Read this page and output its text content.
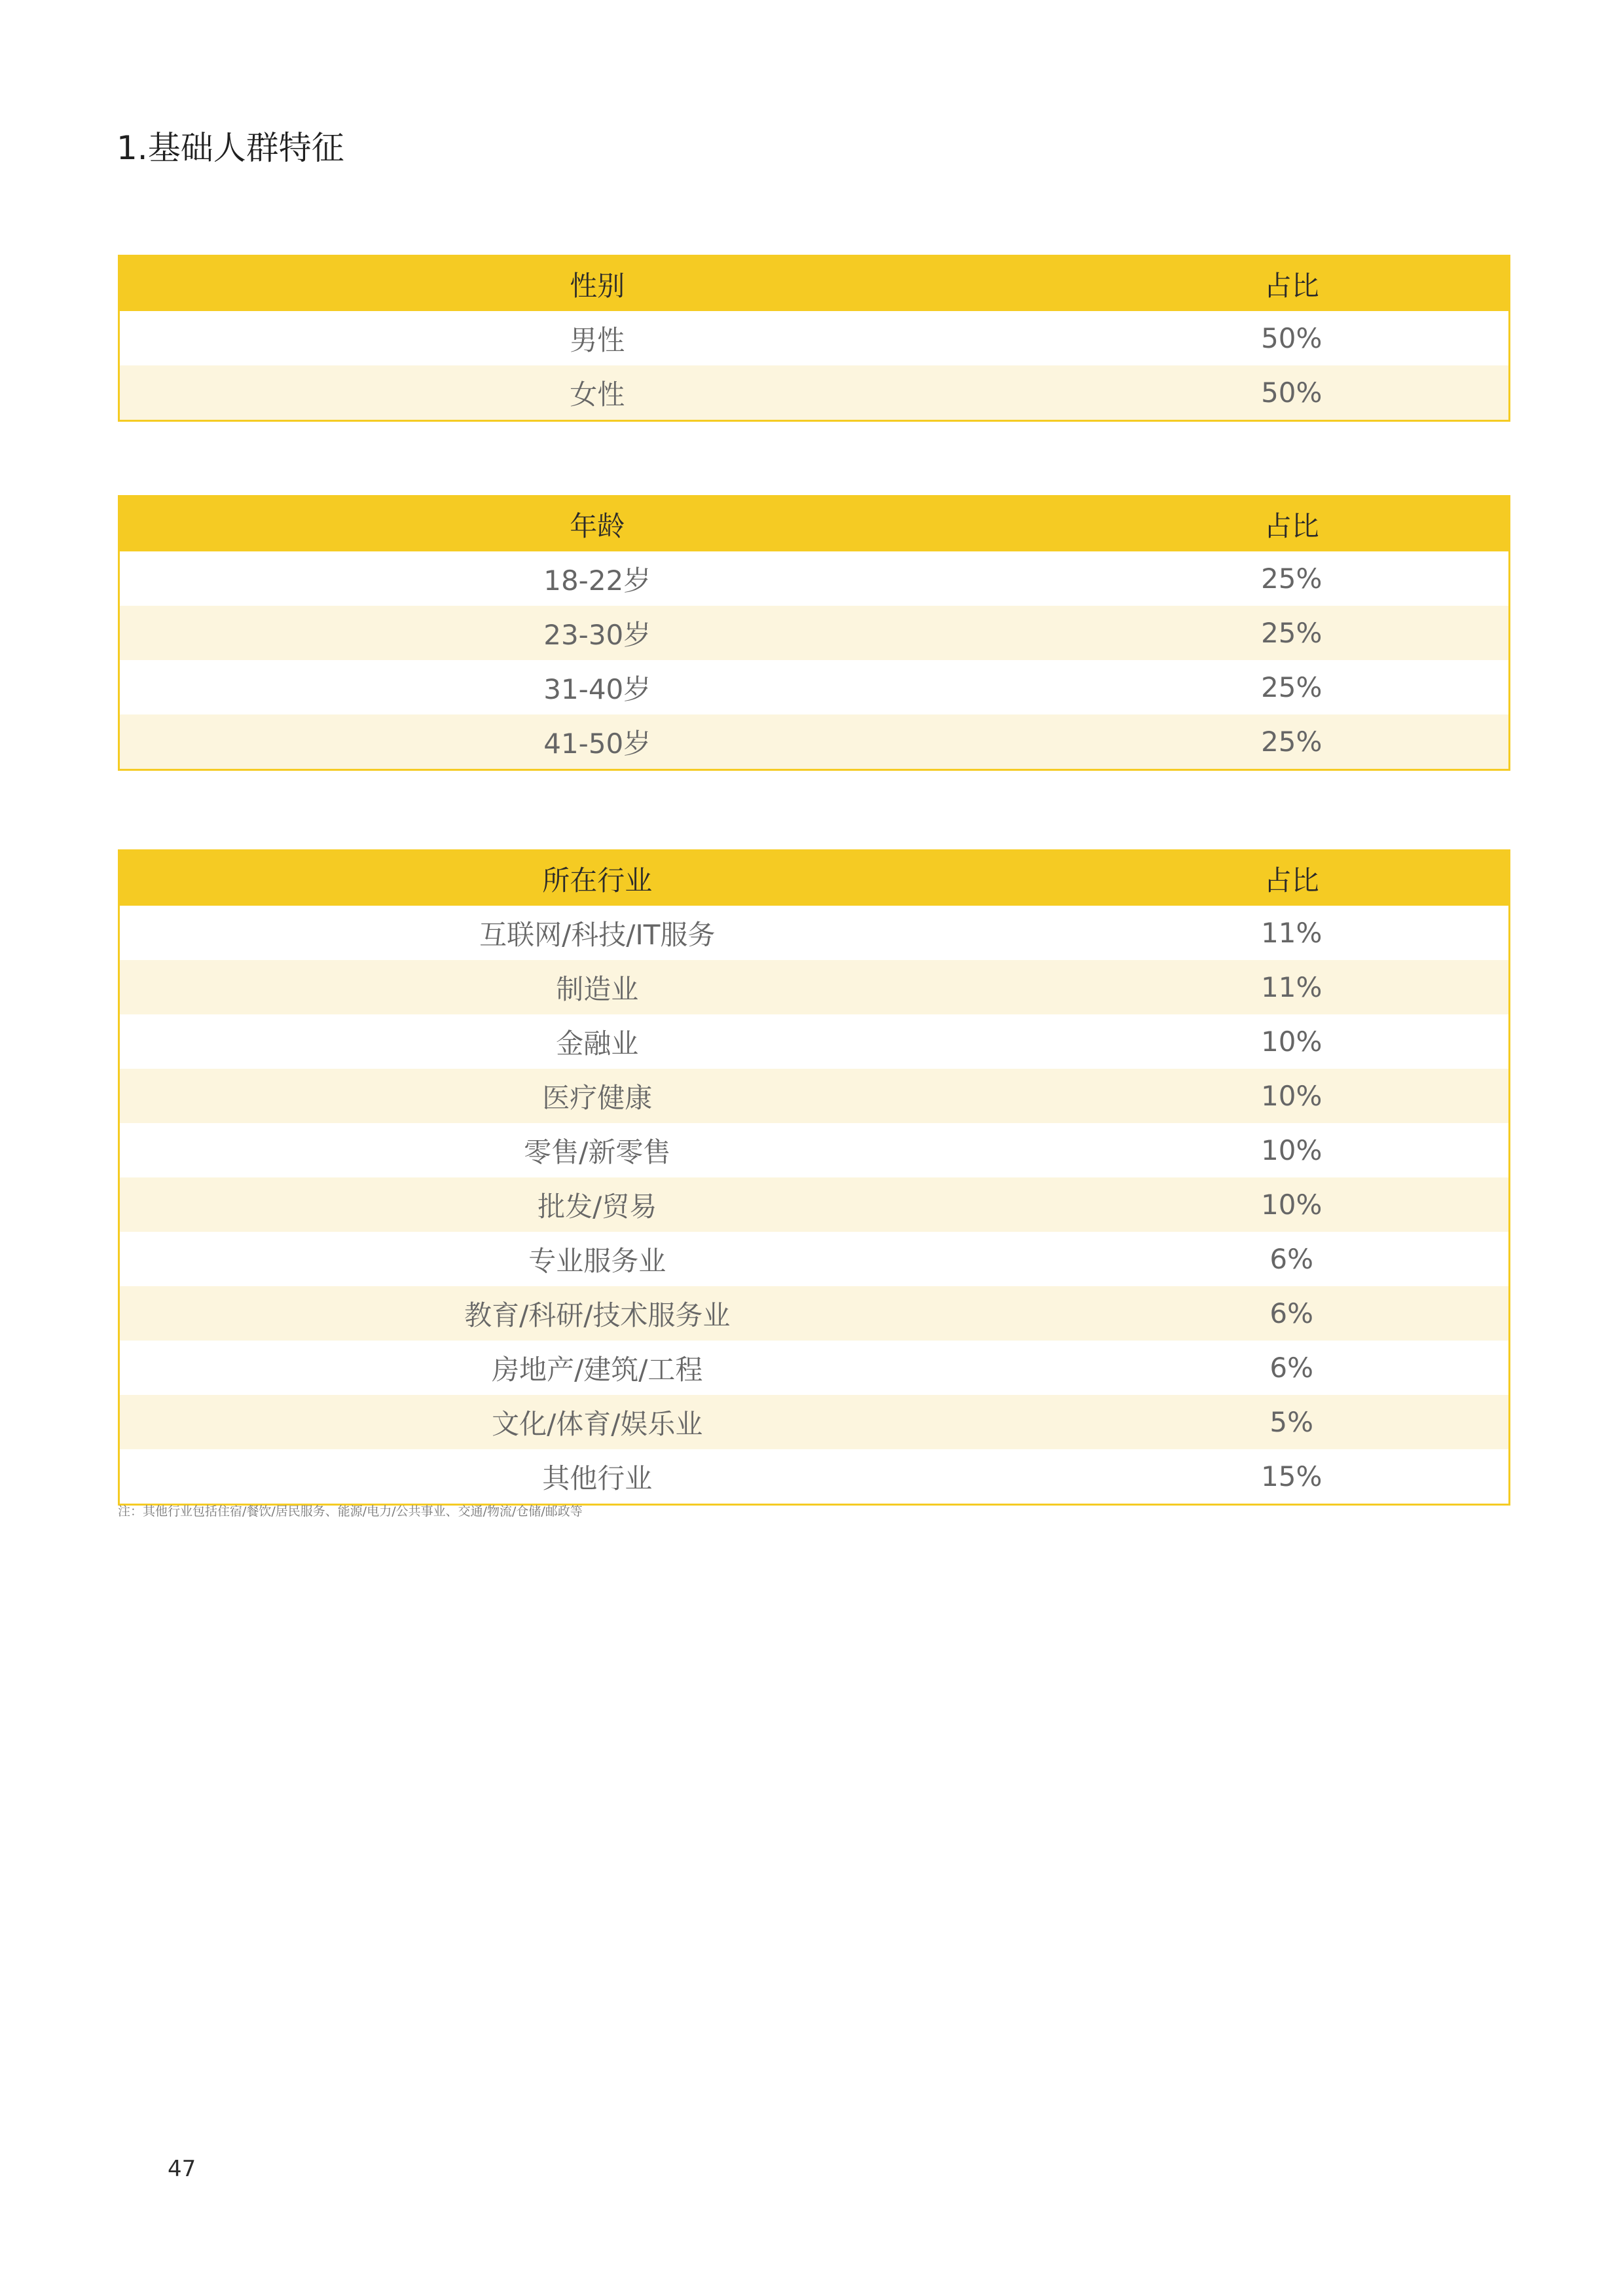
1.基础人群特征
性别	占比
男性	50%
女性	50%
年龄	占比
18-22岁	25%
23-30岁	25%
31-40岁	25%
41-50岁	25%
所在行业	占比
互联网/科技/IT服务	11%
制造业	11%
金融业	10%
医疗健康	10%
零售/新零售	10%
批发/贸易	10%
专业服务业	6%
教育/科研/技术服务业	6%
房地产/建筑/工程	6%
文化/体育/娱乐业	5%
其他行业	15%
注：其他行业包括住宿/餐饮/居民服务、能源/电力/公共事业、交通/物流/仓储/邮政等
47
